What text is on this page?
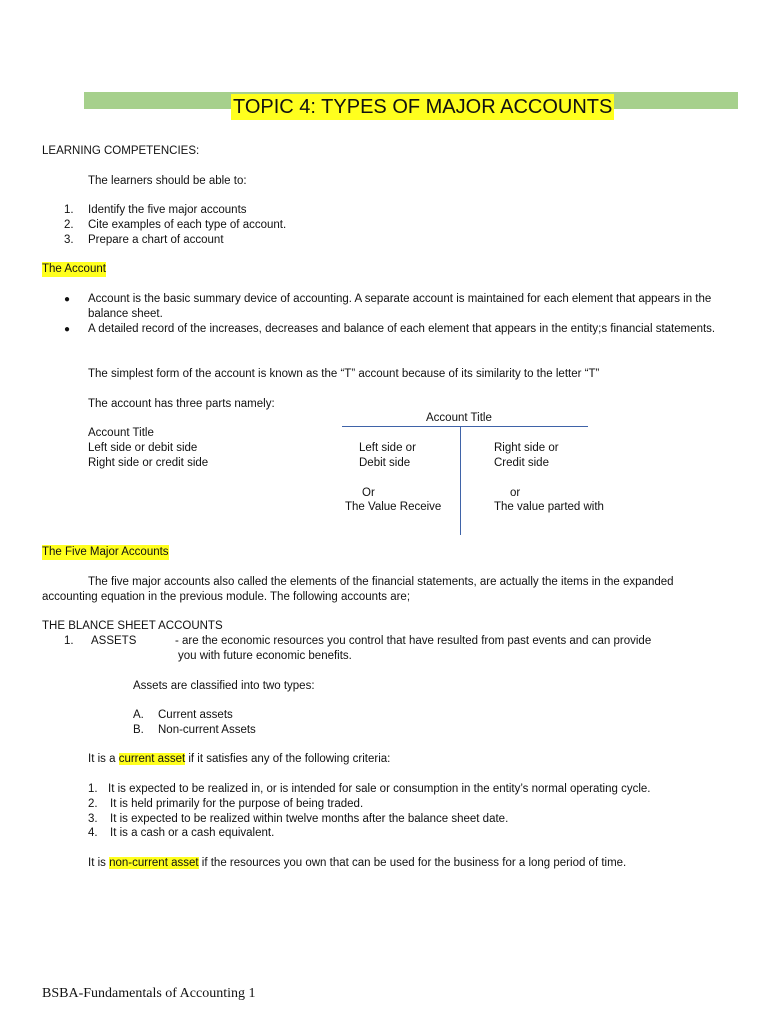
TOPIC 4: TYPES OF MAJOR ACCOUNTS
LEARNING COMPETENCIES:
The learners should be able to:
1. Identify the five major accounts
2. Cite examples of each type of account.
3. Prepare a chart of account
The Account
● Account is the basic summary device of accounting. A separate account is maintained for each element that appears in the balance sheet.
● A detailed record of the increases, decreases and balance of each element that appears in the entity;s financial statements.
The simplest form of the account is known as the “T” account because of its similarity to the letter “T”
The account has three parts namely:
Account Title
Left side or debit side
Right side or credit side
Account Title
Left side or
Debit side
Right side or
Credit side
Or
The Value Receive
or
The value parted with
The Five Major Accounts
The five major accounts also called the elements of the financial statements, are actually the items in the expanded accounting equation in the previous module. The following accounts are;
THE BLANCE SHEET ACCOUNTS
1. ASSETS	- are the economic resources you control that have resulted from past events and can provide
you with future economic benefits.
Assets are classified into two types:
A. Current assets
B. Non-current Assets
It is a current asset if it satisfies any of the following criteria:
1. It is expected to be realized in, or is intended for sale or consumption in the entity’s normal operating cycle.
2. It is held primarily for the purpose of being traded.
3. It is expected to be realized within twelve months after the balance sheet date.
4. It is a cash or a cash equivalent.
It is non-current asset if the resources you own that can be used for the business for a long period of time.
BSBA-Fundamentals of Accounting 1
